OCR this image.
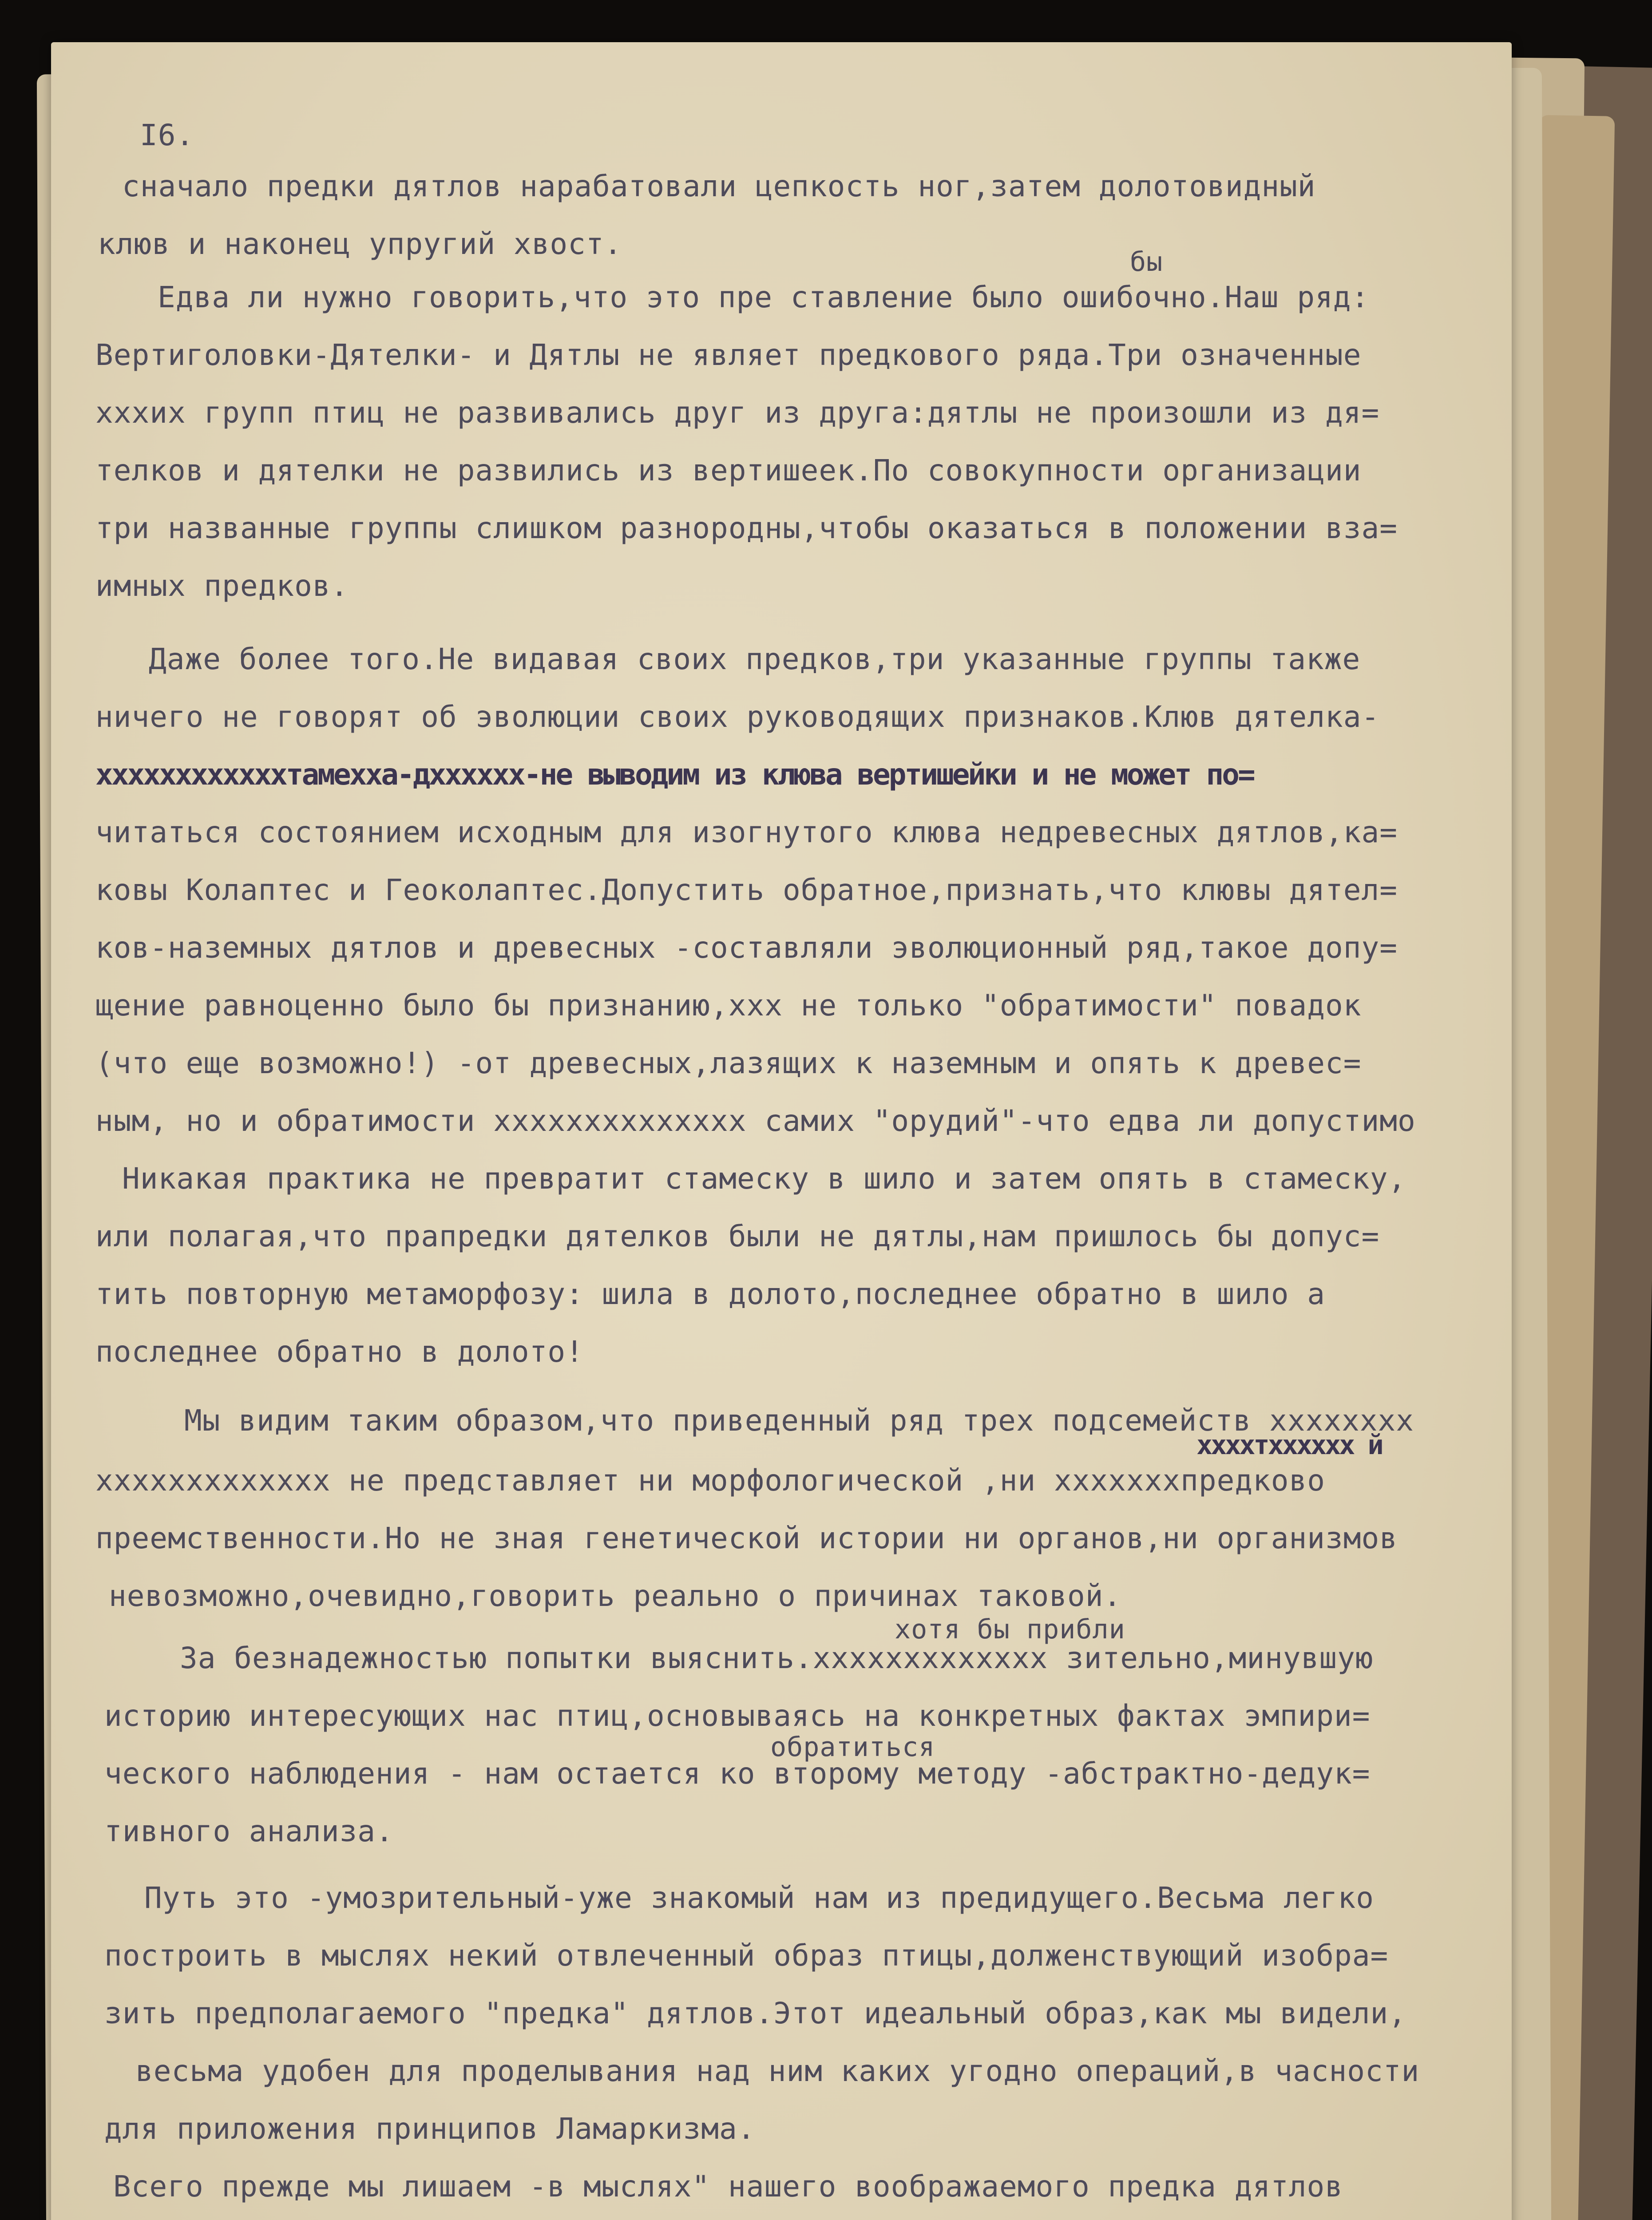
I6.

сначало предки дятлов нарабатовали цепкость ног,затем долотовидный

клюв и наконец упругий хвост.

бы

Едва ли нужно говорить,что это пре ставление было ошибочно.Наш ряд:

Вертиголовки-Дятелки- и Дятлы не являет предкового ряда.Три означенные

хххих групп птиц не развивались друг из друга:дятлы не произошли из дя=

телков и дятелки не развились из вертишеек.По совокупности организации

три названные группы слишком разнородны,чтобы оказаться в положении вза=

имных предков.

Даже более того.Не видавая своих предков,три указанные группы также

ничего не говорят об эволюции своих руководящих признаков.Клюв дятелка-

ххххххххххххтамехха-дхххххх-не выводим из клюва вертишейки и не может по=

читаться состоянием исходным для изогнутого клюва недревесных дятлов,ка=

ковы Колаптес и Геоколаптес.Допустить обратное,признать,что клювы дятел=

ков-наземных дятлов и древесных -составляли эволюционный ряд,такое допу=

щение равноценно было бы признанию,ххх не только "обратимости" повадок

(что еще возможно!) -от древесных,лазящих к наземным и опять к древес=

ным, но и обратимости хххххххххххххх самих "орудий"-что едва ли допустимо

Никакая практика не превратит стамеску в шило и затем опять в стамеску,

или полагая,что прапредки дятелков были не дятлы,нам пришлось бы допус=

тить повторную метаморфозу: шила в долото,последнее обратно в шило а

последнее обратно в долото!

Мы видим таким образом,что приведенный ряд трех подсемейств хххххххх

ххххтхххххх й

ххххххххххххх не представляет ни морфологической ,ни хххххххпредково

преемственности.Но не зная генетической истории ни органов,ни организмов

невозможно,очевидно,говорить реально о причинах таковой.

хотя бы прибли

За безнадежностью попытки выяснить.ххххххххххххх зительно,минувшую

историю интересующих нас птиц,основываясь на конкретных фактах эмпири=

обратиться

ческого наблюдения - нам остается ко второму методу -абстрактно-дедук=

тивного анализа.

Путь это -умозрительный-уже знакомый нам из предидущего.Весьма легко

построить в мыслях некий отвлеченный образ птицы,долженствующий изобра=

зить предполагаемого "предка" дятлов.Этот идеальный образ,как мы видели,

весьма удобен для проделывания над ним каких угодно операций,в часности

для приложения принципов Ламаркизма.

Всего прежде мы лишаем -в мыслях" нашего воображаемого предка дятлов
